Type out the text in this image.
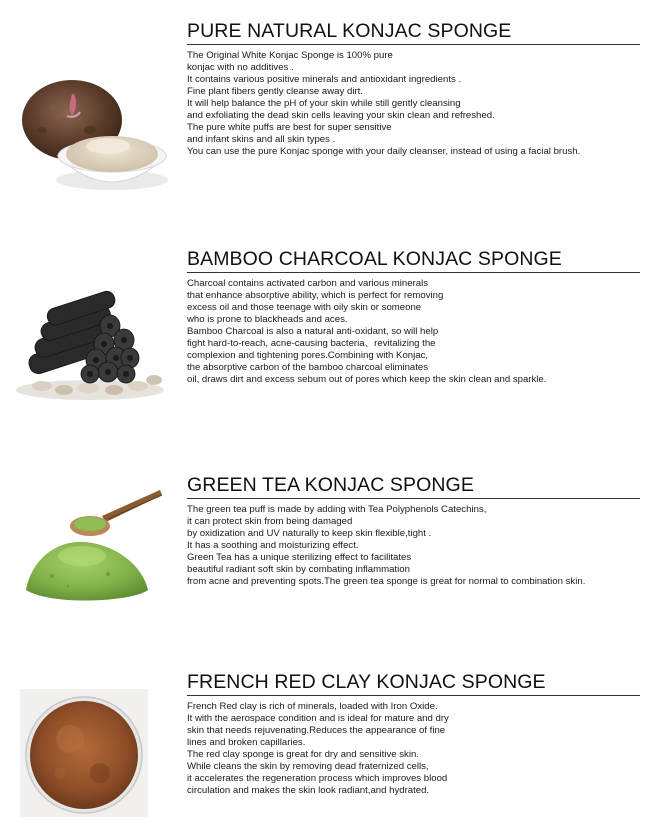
PURE NATURAL KONJAC SPONGE
The Original White Konjac Sponge is 100% pure
konjac with no additives .
It contains various positive minerals and antioxidant ingredients .
Fine plant fibers gently cleanse away dirt.
It will help balance the pH of your skin while still gently cleansing
and exfoliating the dead skin cells leaving your skin clean and refreshed.
The pure white puffs are best for super sensitive
and infant skins and all skin types .
You can use the pure Konjac sponge with your daily cleanser, instead of using a facial brush.
BAMBOO CHARCOAL KONJAC SPONGE
Charcoal contains activated carbon and various minerals
that enhance absorptive ability, which is perfect for removing
excess oil and those teenage with oily skin or someone
who is prone to blackheads and aces.
Bamboo Charcoal is also a natural anti-oxidant, so will help
fight hard-to-reach, acne-causing bacteria、revitalizing the
complexion and tightening pores.Combining with Konjac,
the absorptive carbon of the bamboo charcoal eliminates
oil, draws dirt and excess sebum out of pores which keep the skin clean and sparkle.
GREEN TEA KONJAC SPONGE
The green tea puff is made by adding with Tea Polyphenols Catechins,
it can protect skin from being damaged
by oxidization and UV naturally to keep skin flexible,tight .
It has a soothing and moisturizing effect.
Green Tea has a unique sterilizing effect to facilitates
beautiful radiant soft skin by combating inflammation
from acne and preventing spots.The green tea sponge is great for normal to combination skin.
FRENCH RED CLAY KONJAC SPONGE
French Red clay is rich of minerals, loaded with Iron Oxide.
It with the aerospace condition and is ideal for mature and dry
skin that needs rejuvenating.Reduces the appearance of fine
lines and broken capillaries.
The red clay sponge is great for dry and sensitive skin.
While cleans the skin by removing dead fraternized cells,
it accelerates the regeneration process which improves blood
circulation and makes the skin look radiant,and hydrated.
